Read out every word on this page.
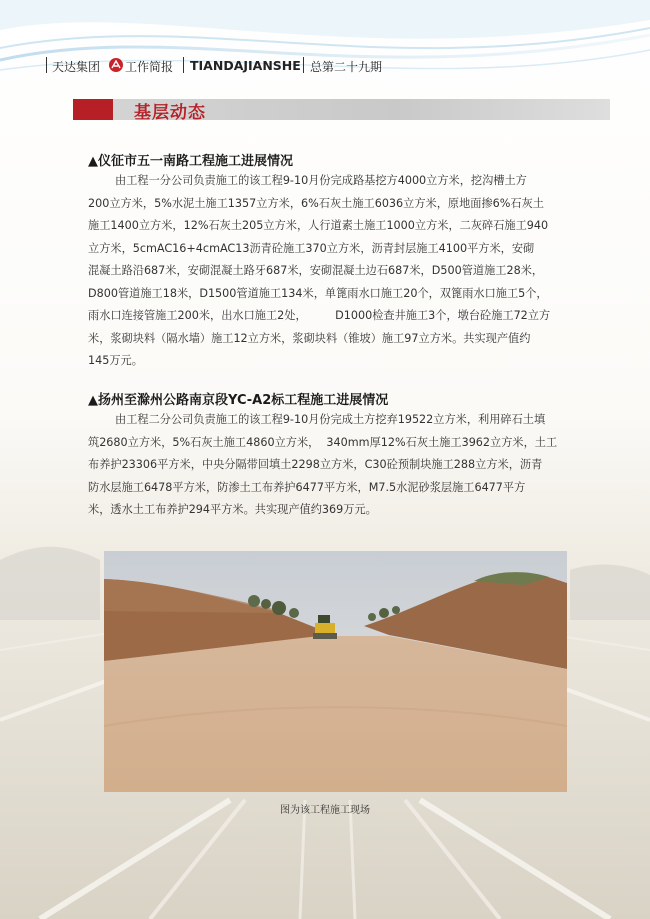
天达集团 工作简报 TIANDAJIANSHE 总第二十九期
基层动态
▲仪征市五一南路工程施工进展情况
由工程一分公司负责施工的该工程9-10月份完成路基挖方4000立方米，挖沟槽土方
200立方米，5%水泥土施工1357立方米，6%石灰土施工6036立方米，原地面掺6%石灰土
施工1400立方米，12%石灰土205立方米，人行道素土施工1000立方米，二灰碎石施工940
立方米，5cmAC16+4cmAC13沥青砼施工370立方米，沥青封层施工4100平方米，安砌
混凝土路沿687米，安砌混凝土路牙687米，安砌混凝土边石687米，D500管道施工28米，
D800管道施工18米，D1500管道施工134米，单篦雨水口施工20个，双篦雨水口施工5个，
雨水口连接管施工200米，出水口施工2处，        D1000检查井施工3个，墩台砼施工72立方
米，浆砌块料（隔水墙）施工12立方米，浆砌块料（锥坡）施工97立方米。共实现产值约
145万元。
▲扬州至滁州公路南京段YC-A2标工程施工进展情况
由工程二分公司负责施工的该工程9-10月份完成土方挖弃19522立方米，利用碎石土填
筑2680立方米，5%石灰土施工4860立方米，  340mm厚12%石灰土施工3962立方米，土工
布养护23306平方米，中央分隔带回填土2298立方米，C30砼预制块施工288立方米，沥青
防水层施工6478平方米，防渗土工布养护6477平方米，M7.5水泥砂浆层施工6477平方
米，透水土工布养护294平方米。共实现产值约369万元。
图为该工程施工现场
